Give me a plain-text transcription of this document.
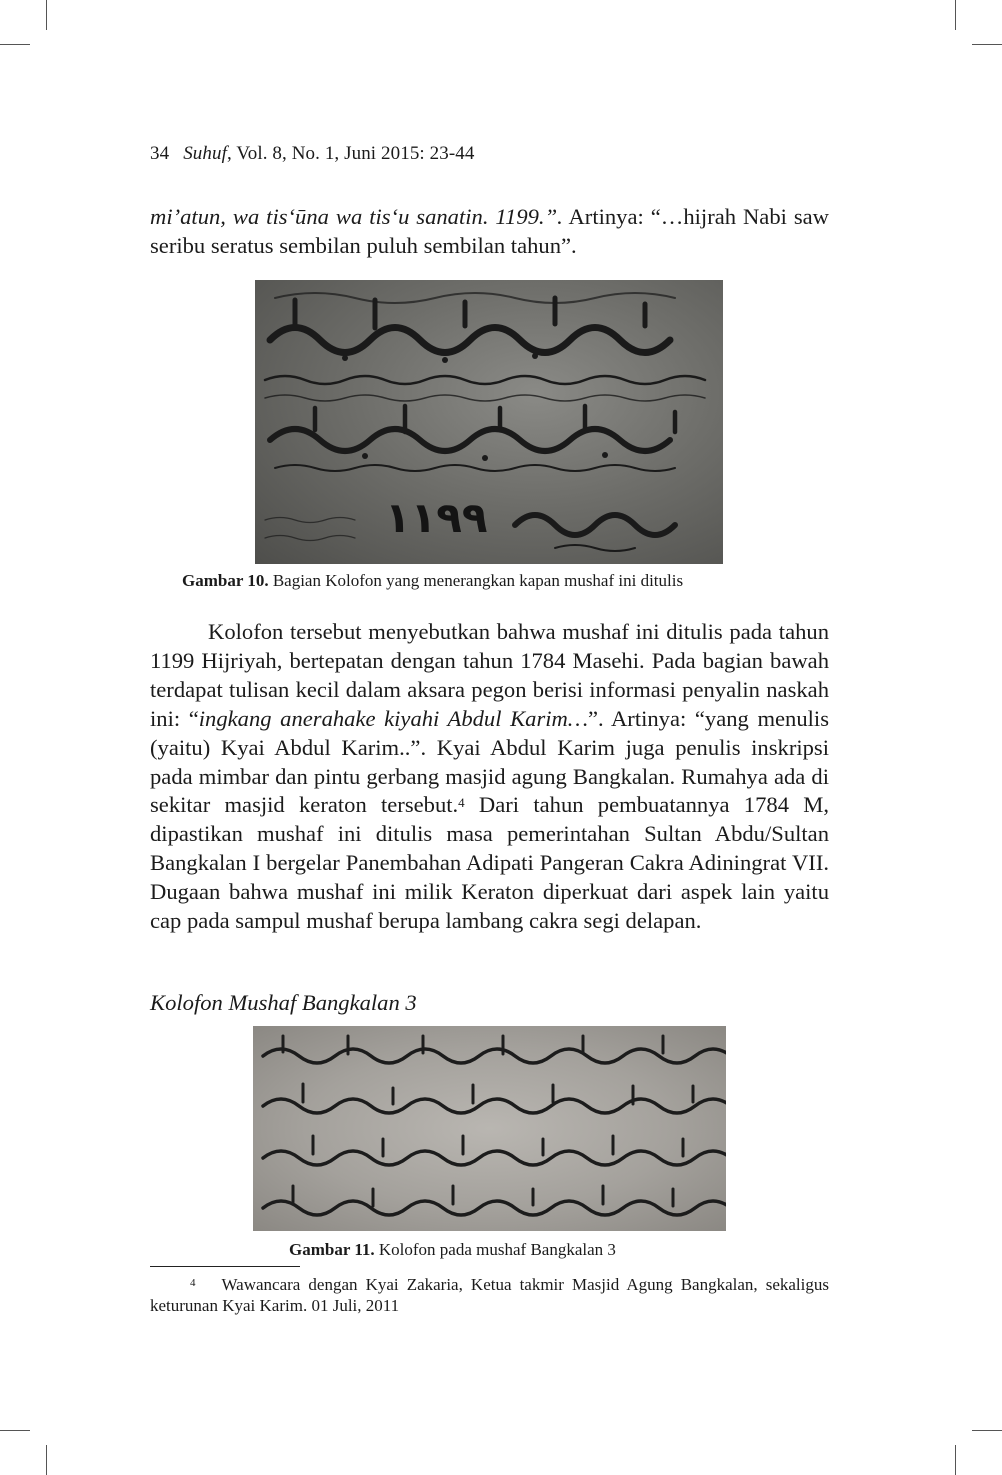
34 Suhuf, Vol. 8, No. 1, Juni 2015: 23-44
mi’atun, wa tis‘ūna wa tis‘u sanatin. 1199.”. Artinya: “…hijrah Nabi saw seribu seratus sembilan puluh sembilan tahun”.
١١٩٩
Gambar 10. Bagian Kolofon yang menerangkan kapan mushaf ini ditulis
Kolofon tersebut menyebutkan bahwa mushaf ini ditulis pada tahun 1199 Hijriyah, bertepatan dengan tahun 1784 Masehi. Pada bagian bawah terdapat tulisan kecil dalam aksara pegon berisi informasi penyalin naskah ini: “ingkang anerahake kiyahi Abdul Karim…”. Artinya: “yang menulis (yaitu) Kyai Abdul Karim..”. Kyai Abdul Karim juga penulis inskripsi pada mimbar dan pintu gerbang masjid agung Bangkalan. Rumahya ada di sekitar masjid keraton tersebut.$^4$ Dari tahun pembuatannya 1784 M, dipastikan mushaf ini ditulis masa pemerintahan Sultan Abdu/Sultan Bangkalan I bergelar Panembahan Adipati Pangeran Cakra Adiningrat VII. Dugaan bahwa mushaf ini milik Keraton diperkuat dari aspek lain yaitu cap pada sampul mushaf berupa lambang cakra segi delapan.
Kolofon Mushaf Bangkalan 3
Gambar 11. Kolofon pada mushaf Bangkalan 3
$^4$ Wawancara dengan Kyai Zakaria, Ketua takmir Masjid Agung Bangkalan, sekaligus keturunan Kyai Karim. 01 Juli, 2011
